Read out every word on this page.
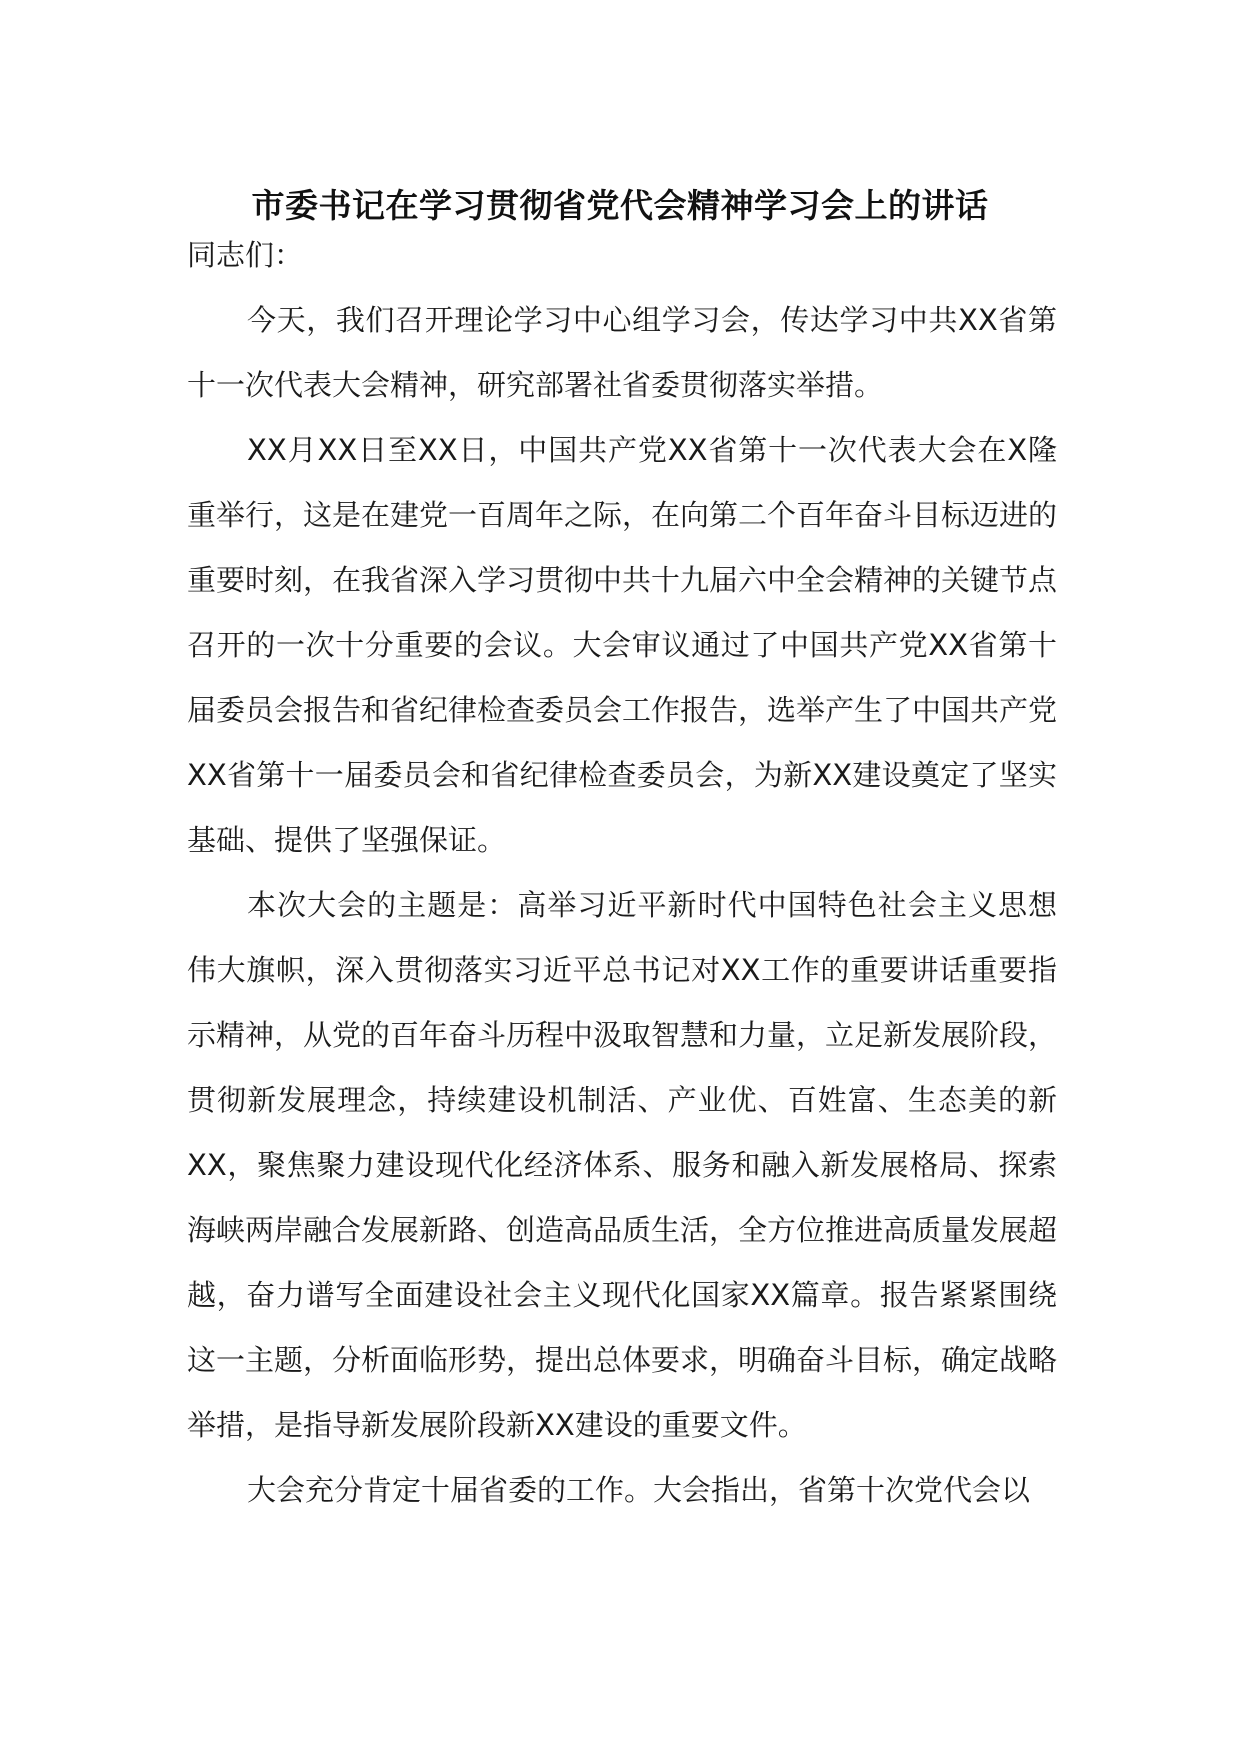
市委书记在学习贯彻省党代会精神学习会上的讲话

同志们：

今天，我们召开理论学习中心组学习会，传达学习中共XX省第十一次代表大会精神，研究部署社省委贯彻落实举措。

XX月XX日至XX日，中国共产党XX省第十一次代表大会在X隆重举行，这是在建党一百周年之际，在向第二个百年奋斗目标迈进的重要时刻，在我省深入学习贯彻中共十九届六中全会精神的关键节点召开的一次十分重要的会议。大会审议通过了中国共产党XX省第十届委员会报告和省纪律检查委员会工作报告，选举产生了中国共产党XX省第十一届委员会和省纪律检查委员会，为新XX建设奠定了坚实基础、提供了坚强保证。

本次大会的主题是：高举习近平新时代中国特色社会主义思想伟大旗帜，深入贯彻落实习近平总书记对XX工作的重要讲话重要指示精神，从党的百年奋斗历程中汲取智慧和力量，立足新发展阶段，贯彻新发展理念，持续建设机制活、产业优、百姓富、生态美的新XX，聚焦聚力建设现代化经济体系、服务和融入新发展格局、探索海峡两岸融合发展新路、创造高品质生活，全方位推进高质量发展超越，奋力谱写全面建设社会主义现代化国家XX篇章。报告紧紧围绕这一主题，分析面临形势，提出总体要求，明确奋斗目标，确定战略举措，是指导新发展阶段新XX建设的重要文件。

大会充分肯定十届省委的工作。大会指出，省第十次党代会以
